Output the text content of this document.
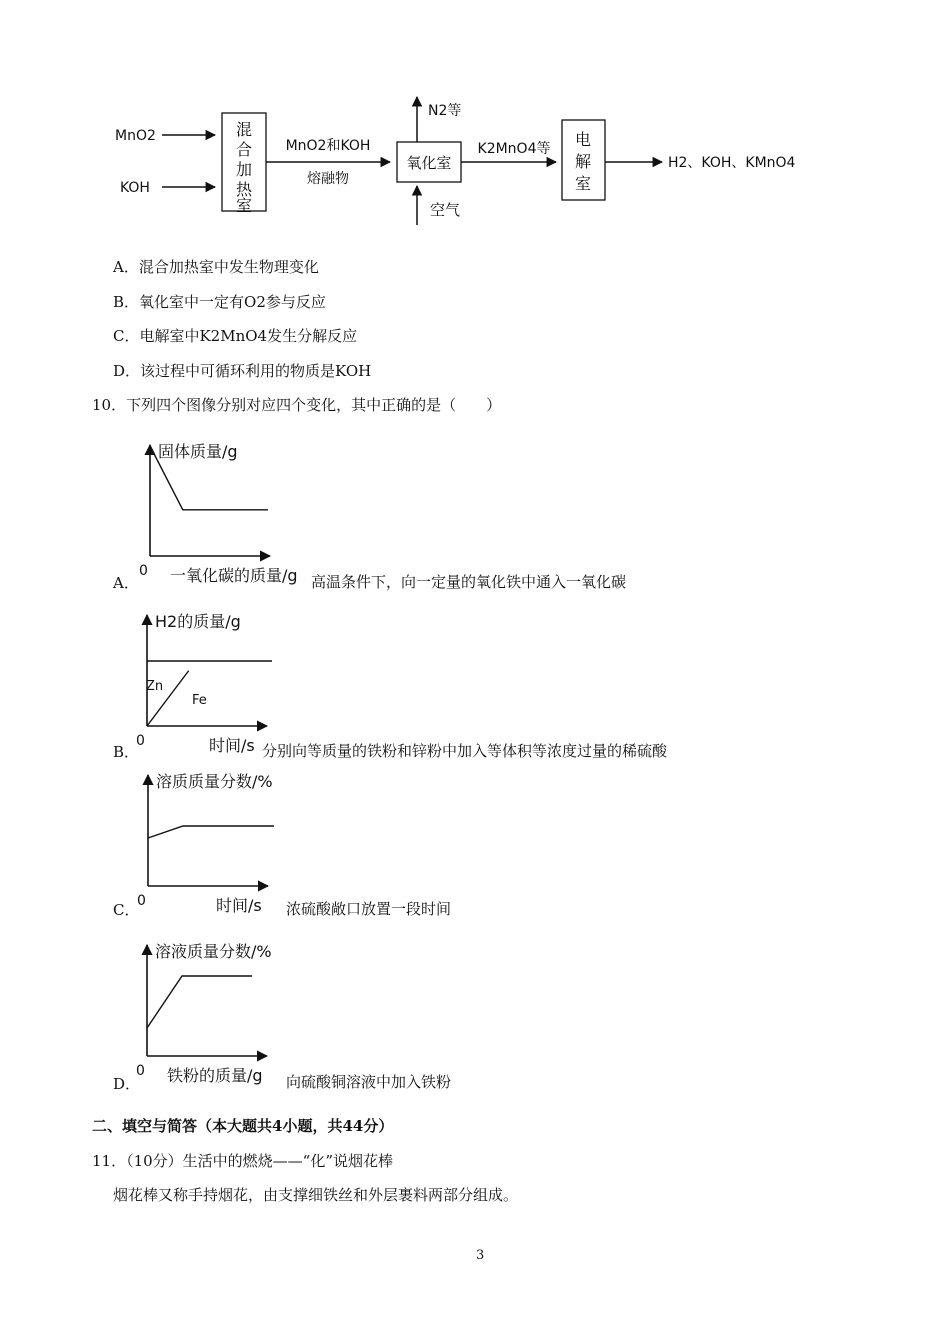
MnO2
KOH
混
合
加
热
室
MnO2和KOH
熔融物
氧化室
N2等
空气
K2MnO4等 电
解
室
H2、KOH、KMnO4
A．混合加热室中发生物理变化
B．氧化室中一定有O2参与反应
C．电解室中K2MnO4发生分解反应
D．该过程中可循环利用的物质是KOH
10．下列四个图像分别对应四个变化，其中正确的是（　　）
固体质量/g
0 一氧化碳的质量/g
H2的质量/g
0	时间/s
Zn
Fe
溶质质量分数/%
0	时间/s
溶液质量分数/%
0 铁粉的质量/g
A．	高温条件下，向一定量的氧化铁中通入一氧化碳
B．	分别向等质量的铁粉和锌粉中加入等体积等浓度过量的稀硫酸
C．	浓硫酸敞口放置一段时间
D．	向硫酸铜溶液中加入铁粉
二、填空与简答（本大题共4小题，共44分）
11．（10分）生活中的燃烧——“化”说烟花棒
烟花棒又称手持烟花，由支撑细铁丝和外层裹料两部分组成。
3
